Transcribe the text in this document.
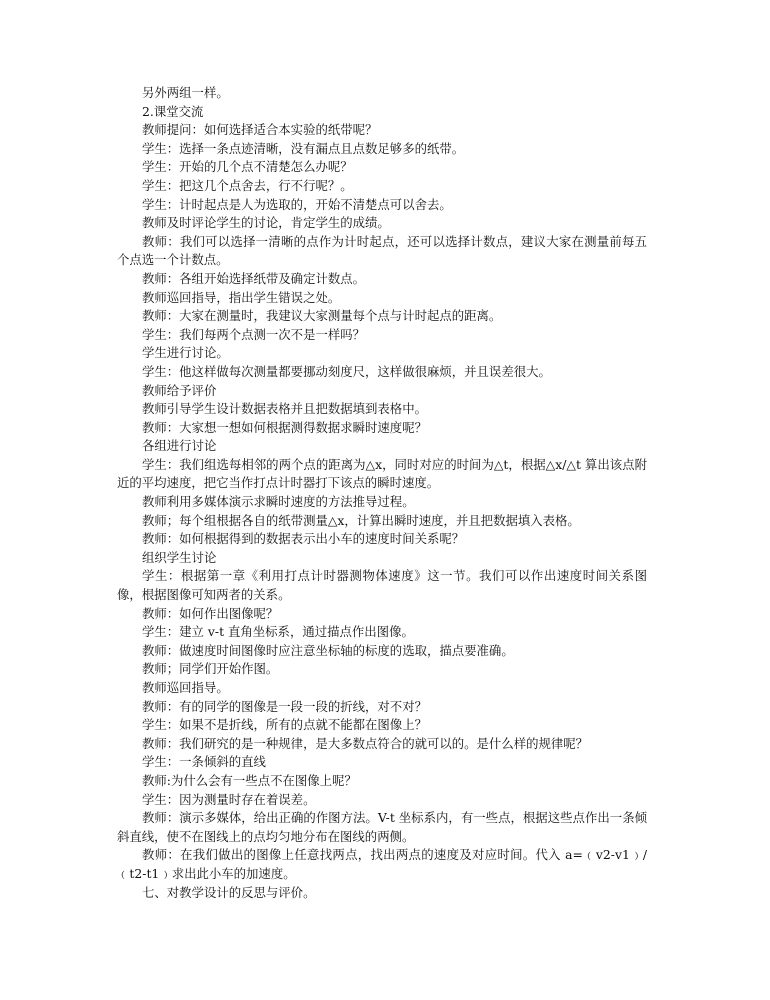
另外两组一样。

2.课堂交流

教师提问：如何选择适合本实验的纸带呢？

学生：选择一条点迹清晰，没有漏点且点数足够多的纸带。

学生：开始的几个点不清楚怎么办呢？

学生：把这几个点舍去，行不行呢？。

学生：计时起点是人为选取的，开始不清楚点可以舍去。

教师及时评论学生的讨论，肯定学生的成绩。

教师：我们可以选择一清晰的点作为计时起点，还可以选择计数点，建议大家在测量前每五个点选一个计数点。

教师：各组开始选择纸带及确定计数点。

教师巡回指导，指出学生错误之处。

教师：大家在测量时，我建议大家测量每个点与计时起点的距离。

学生：我们每两个点测一次不是一样吗？

学生进行讨论。

学生：他这样做每次测量都要挪动刻度尺，这样做很麻烦，并且误差很大。

教师给予评价

教师引导学生设计数据表格并且把数据填到表格中。

教师：大家想一想如何根据测得数据求瞬时速度呢？

各组进行讨论

学生：我们组选每相邻的两个点的距离为△x，同时对应的时间为△t，根据△x/△t 算出该点附近的平均速度，把它当作打点计时器打下该点的瞬时速度。

教师利用多媒体演示求瞬时速度的方法推导过程。

教师；每个组根据各自的纸带测量△x，计算出瞬时速度，并且把数据填入表格。

教师：如何根据得到的数据表示出小车的速度时间关系呢？

组织学生讨论

学生：根据第一章《利用打点计时器测物体速度》这一节。我们可以作出速度时间关系图像，根据图像可知两者的关系。

教师：如何作出图像呢？

学生：建立 v-t 直角坐标系，通过描点作出图像。

教师：做速度时间图像时应注意坐标轴的标度的选取，描点要准确。

教师；同学们开始作图。

教师巡回指导。

教师：有的同学的图像是一段一段的折线，对不对？

学生：如果不是折线，所有的点就不能都在图像上？

教师：我们研究的是一种规律，是大多数点符合的就可以的。是什么样的规律呢？

学生：一条倾斜的直线

教师:为什么会有一些点不在图像上呢？

学生：因为测量时存在着误差。

教师：演示多媒体，给出正确的作图方法。V-t 坐标系内，有一些点，根据这些点作出一条倾斜直线，使不在图线上的点均匀地分布在图线的两侧。

教师：在我们做出的图像上任意找两点，找出两点的速度及对应时间。代入 a=﹙v2-v1﹚/﹙t2-t1﹚求出此小车的加速度。

七、对教学设计的反思与评价。
